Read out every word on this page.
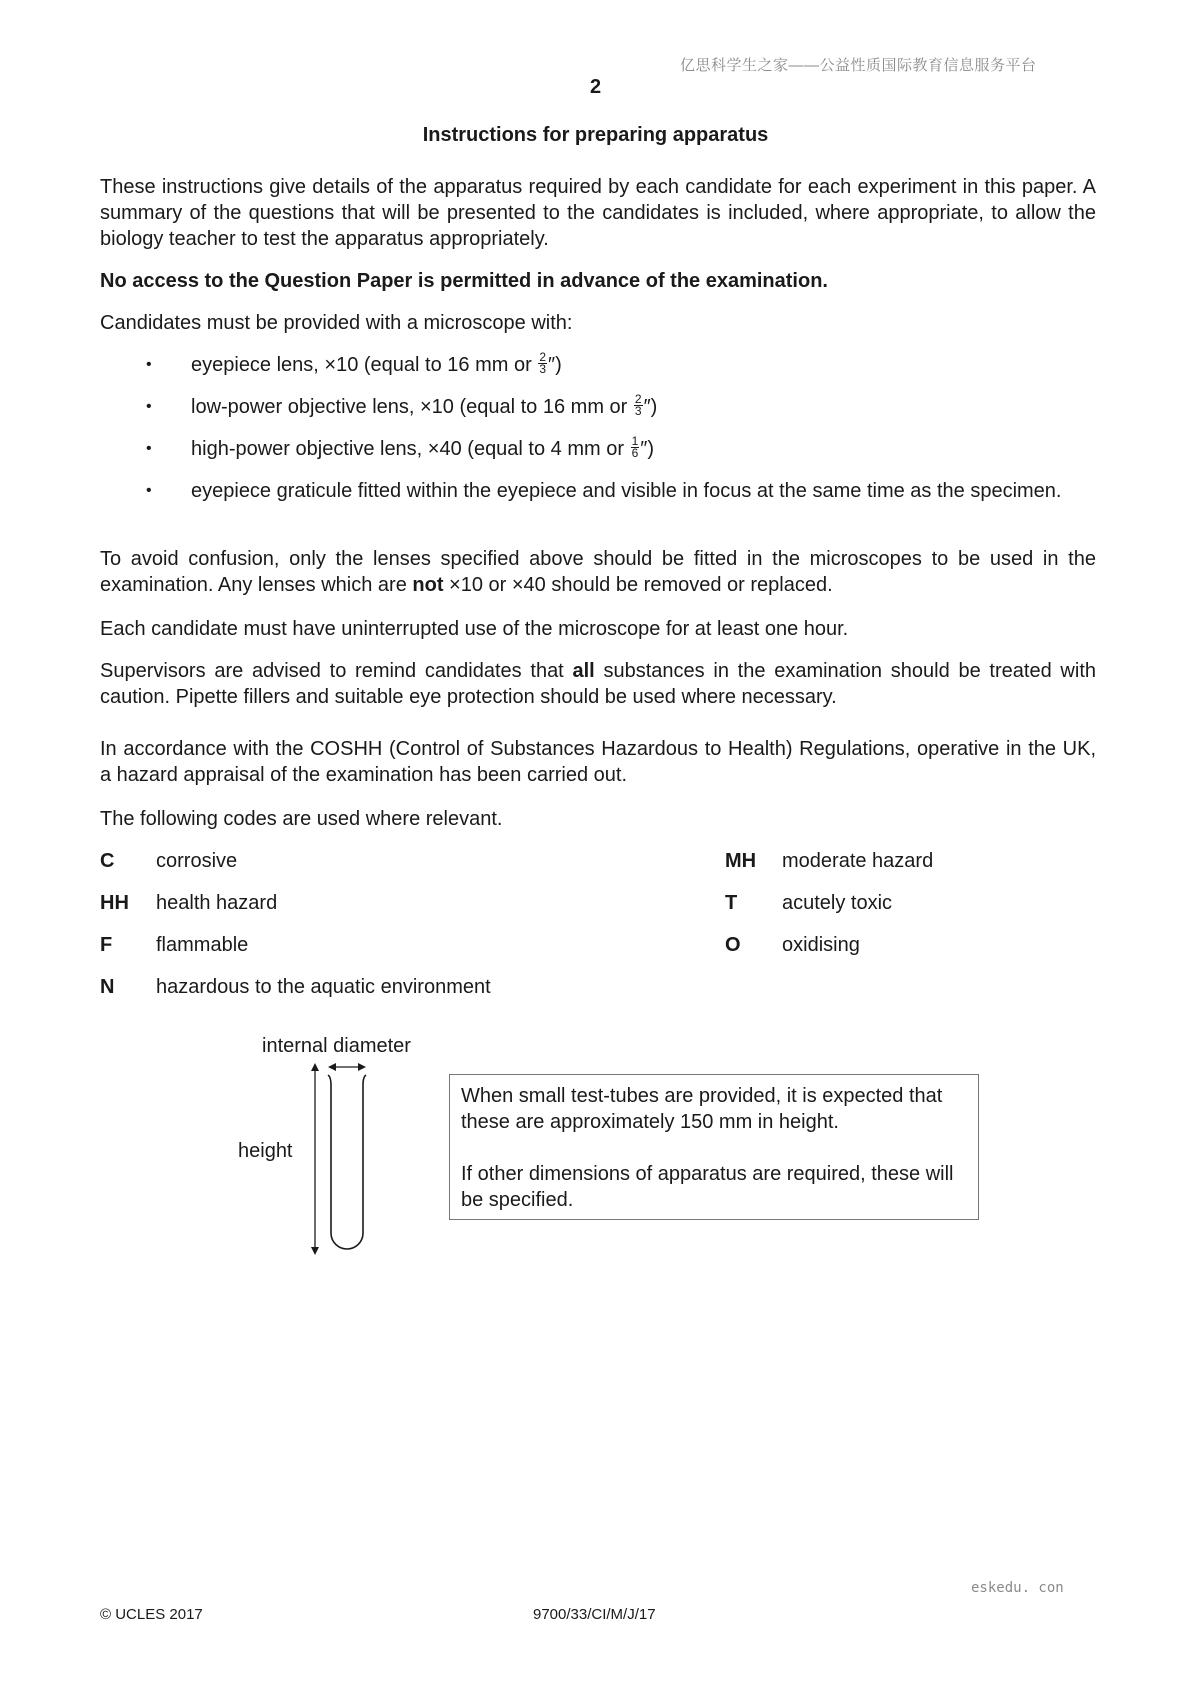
亿思科学生之家——公益性质国际教育信息服务平台
2
Instructions for preparing apparatus
These instructions give details of the apparatus required by each candidate for each experiment in this paper. A summary of the questions that will be presented to the candidates is included, where appropriate, to allow the biology teacher to test the apparatus appropriately.
No access to the Question Paper is permitted in advance of the examination.
Candidates must be provided with a microscope with:
• eyepiece lens, ×10 (equal to 16 mm or $\frac{2}{3}$ ″)
• low-power objective lens, ×10 (equal to 16 mm or $\frac{2}{3}$ ″)
• high-power objective lens, ×40 (equal to 4 mm or $\frac{1}{6}$ ″)
• eyepiece graticule fitted within the eyepiece and visible in focus at the same time as the specimen.
To avoid confusion, only the lenses specified above should be fitted in the microscopes to be used in the examination. Any lenses which are not ×10 or ×40 should be removed or replaced.
Each candidate must have uninterrupted use of the microscope for at least one hour.
Supervisors are advised to remind candidates that all substances in the examination should be treated with caution. Pipette fillers and suitable eye protection should be used where necessary.
In accordance with the COSHH (Control of Substances Hazardous to Health) Regulations, operative in the UK, a hazard appraisal of the examination has been carried out.
The following codes are used where relevant.
C corrosive
HH health hazard
F flammable
N hazardous to the aquatic environment
MH moderate hazard
T acutely toxic
O oxidising
internal diameter
height

When small test-tubes are provided, it is expected that these are approximately 150 mm in height.

If other dimensions of apparatus are required, these will be specified.

eskedu. con
© UCLES 2017	9700/33/CI/M/J/17
